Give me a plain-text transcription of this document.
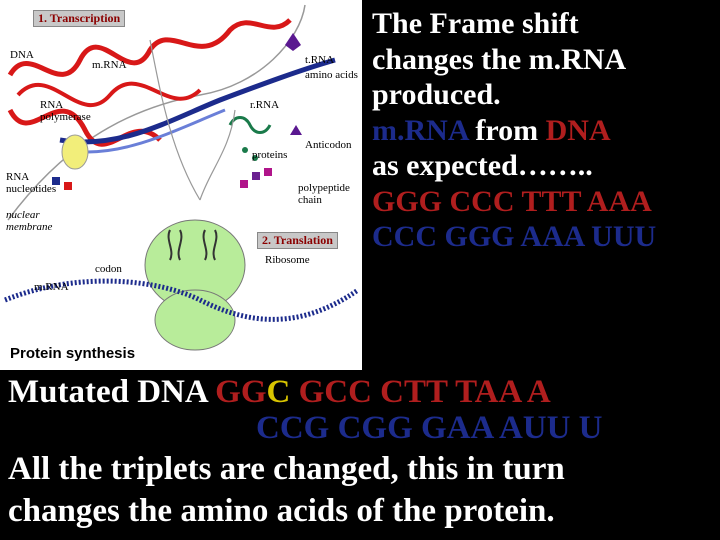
1. Transcription
2. Translation
DNA
m.RNA
RNA
polymerase
RNA
nucleotides
nuclear
membrane
t.RNA
amino acids
r.RNA
proteins
Anticodon
polypeptide
chain
Ribosome
codon
m.RNA
Protein synthesis
The Frame shift
changes the m.RNA
produced.
m.RNA from DNA
as expected……..
GGG CCC TTT AAA
CCC GGG AAA UUU
Mutated DNA GGC GCC CTT TAA A
CCG CGG GAA AUU U
All the triplets are changed, this in turn
changes the amino acids of the protein.
